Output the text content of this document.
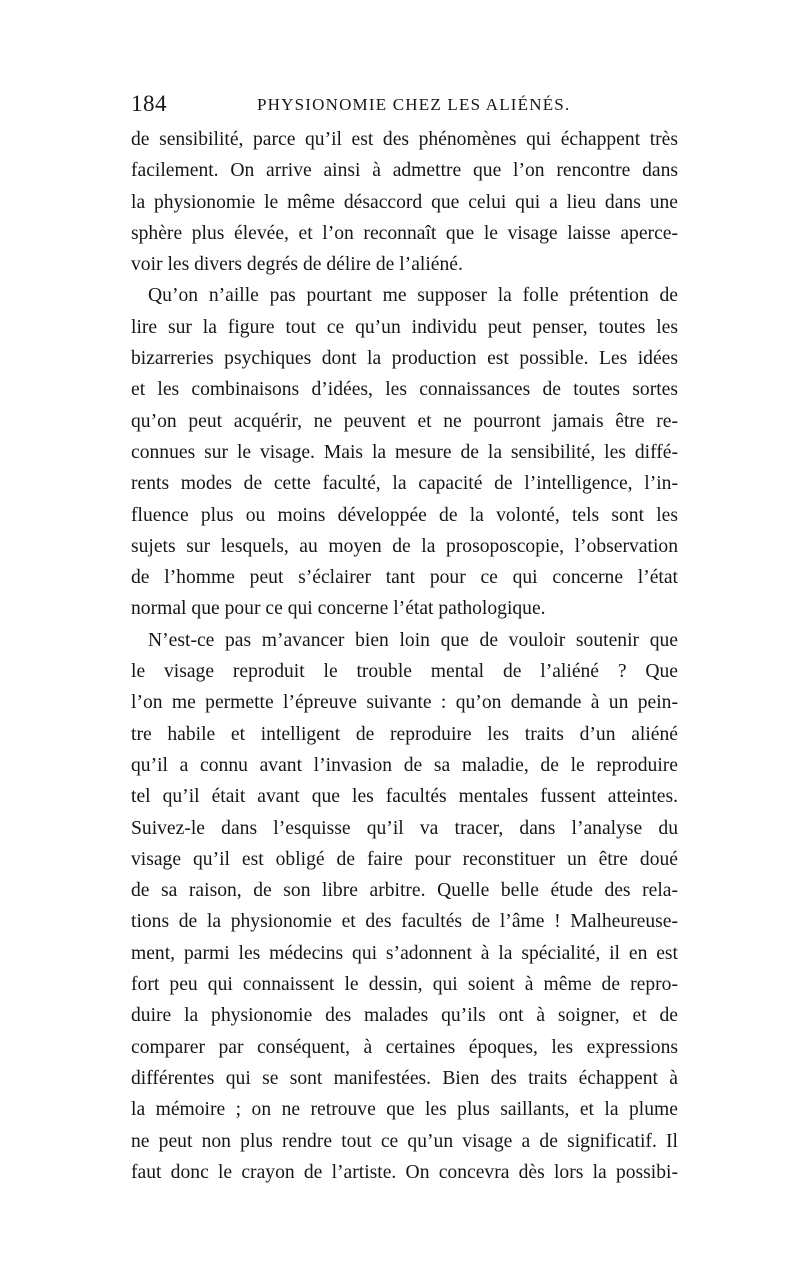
184	PHYSIONOMIE CHEZ LES ALIÉNÉS.
de sensibilité, parce qu’il est des phénomènes qui échappent très
facilement. On arrive ainsi à admettre que l’on rencontre dans
la physionomie le même désaccord que celui qui a lieu dans une
sphère plus élevée, et l’on reconnaît que le visage laisse aperce-
voir les divers degrés de délire de l’aliéné.
Qu’on n’aille pas pourtant me supposer la folle prétention de
lire sur la figure tout ce qu’un individu peut penser, toutes les
bizarreries psychiques dont la production est possible. Les idées
et les combinaisons d’idées, les connaissances de toutes sortes
qu’on peut acquérir, ne peuvent et ne pourront jamais être re-
connues sur le visage. Mais la mesure de la sensibilité, les diffé-
rents modes de cette faculté, la capacité de l’intelligence, l’in-
fluence plus ou moins développée de la volonté, tels sont les
sujets sur lesquels, au moyen de la prosoposcopie, l’observation
de l’homme peut s’éclairer tant pour ce qui concerne l’état
normal que pour ce qui concerne l’état pathologique.
N’est-ce pas m’avancer bien loin que de vouloir soutenir que
le visage reproduit le trouble mental de l’aliéné ? Que
l’on me permette l’épreuve suivante : qu’on demande à un pein-
tre habile et intelligent de reproduire les traits d’un aliéné
qu’il a connu avant l’invasion de sa maladie, de le reproduire
tel qu’il était avant que les facultés mentales fussent atteintes.
Suivez-le dans l’esquisse qu’il va tracer, dans l’analyse du
visage qu’il est obligé de faire pour reconstituer un être doué
de sa raison, de son libre arbitre. Quelle belle étude des rela-
tions de la physionomie et des facultés de l’âme ! Malheureuse-
ment, parmi les médecins qui s’adonnent à la spécialité, il en est
fort peu qui connaissent le dessin, qui soient à même de repro-
duire la physionomie des malades qu’ils ont à soigner, et de
comparer par conséquent, à certaines époques, les expressions
différentes qui se sont manifestées. Bien des traits échappent à
la mémoire ; on ne retrouve que les plus saillants, et la plume
ne peut non plus rendre tout ce qu’un visage a de significatif. Il
faut donc le crayon de l’artiste. On concevra dès lors la possibi-
